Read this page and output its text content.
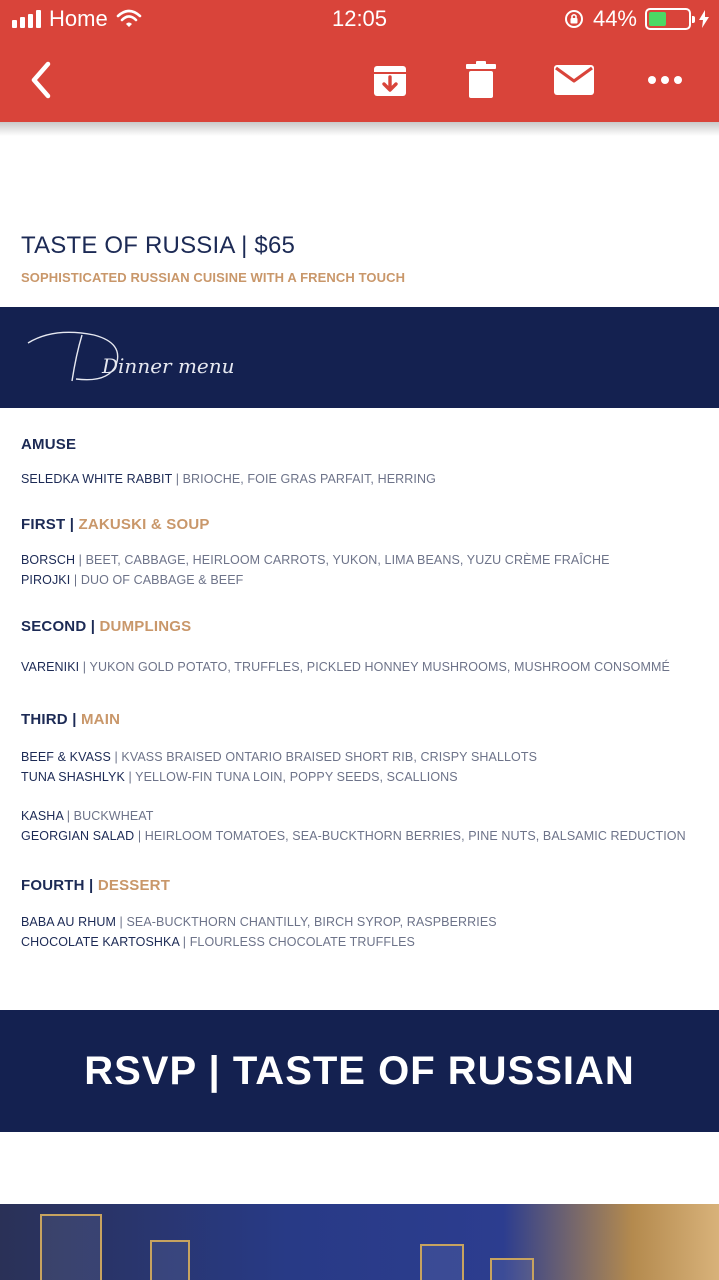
Home	12:05	44%
TASTE OF RUSSIA | $65
SOPHISTICATED RUSSIAN CUISINE WITH A FRENCH TOUCH
Dinner menu
AMUSE
SELEDKA WHITE RABBIT | BRIOCHE, FOIE GRAS PARFAIT, HERRING
FIRST | ZAKUSKI & SOUP
BORSCH | BEET, CABBAGE, HEIRLOOM CARROTS, YUKON, LIMA BEANS, YUZU CRÈME FRAÎCHE
PIROJKI | DUO OF CABBAGE & BEEF
SECOND | DUMPLINGS
VARENIKI | YUKON GOLD POTATO, TRUFFLES, PICKLED HONNEY MUSHROOMS, MUSHROOM CONSOMMÉ
THIRD | MAIN
BEEF & KVASS | KVASS BRAISED ONTARIO BRAISED SHORT RIB, CRISPY SHALLOTS
TUNA SHASHLYK | YELLOW-FIN TUNA LOIN, POPPY SEEDS, SCALLIONS
KASHA | BUCKWHEAT
GEORGIAN SALAD | HEIRLOOM TOMATOES, SEA-BUCKTHORN BERRIES, PINE NUTS, BALSAMIC REDUCTION
FOURTH | DESSERT
BABA AU RHUM | SEA-BUCKTHORN CHANTILLY, BIRCH SYROP, RASPBERRIES
CHOCOLATE KARTOSHKA | FLOURLESS CHOCOLATE TRUFFLES
RSVP | TASTE OF RUSSIAN
